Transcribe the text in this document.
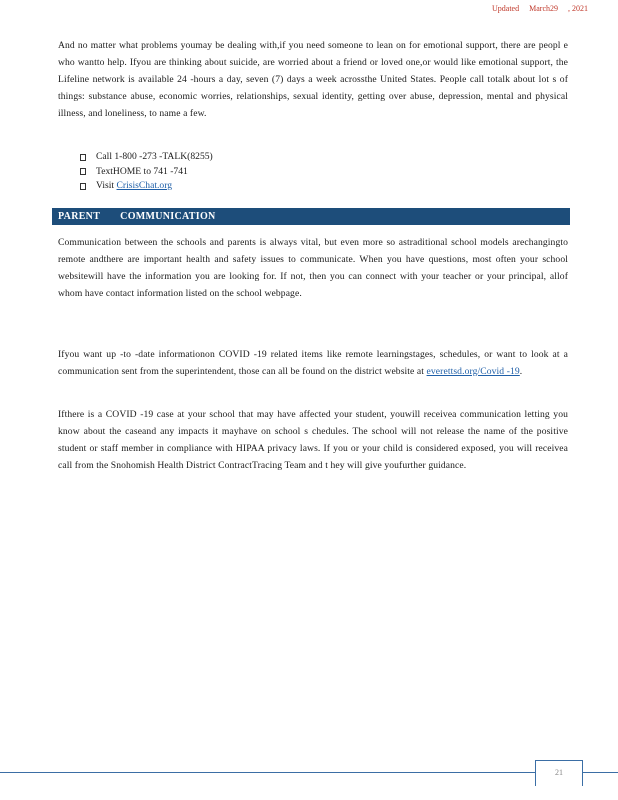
Updated March29 , 2021
And no matter what problems youmay be dealing with,if you need someone to lean on for emotional support, there are peopl e who wantto help. Ifyou are thinking about suicide, are worried about a friend or loved one,or would like emotional support, the Lifeline network is available 24 -hours a day, seven (7) days a week acrossthe United States. People call totalk about lot s of things: substance abuse, economic worries, relationships, sexual identity, getting over abuse, depression, mental and physical illness, and loneliness, to name a few.
Call 1-800 -273 -TALK(8255)
TextHOME to 741 -741
Visit
CrisisChat.org
PARENT COMMUNICATION
Communication between the schools and parents is always vital, but even more so astraditional school models arechangingto remote andthere are important health and safety issues to communicate. When you have questions, most often your school websitewill have the information you are looking for. If not, then you can connect with your teacher or your principal, allof whom have contact information listed on the school webpage.
Ifyou want up -to -date informationon COVID -19 related items like remote learningstages, schedules, or want to look at a communication sent from the superintendent, those can all be found on the district website at everettsd.org/Covid -19.
Ifthere is a COVID -19 case at your school that may have affected your student, youwill receivea communication letting you know about the caseand any impacts it mayhave on school s chedules. The school will not release the name of the positive student or staff member in compliance with HIPAA privacy laws. If you or your child is considered exposed, you will receivea call from the Snohomish Health District ContractTracing Team and t hey will give youfurther guidance.
21
